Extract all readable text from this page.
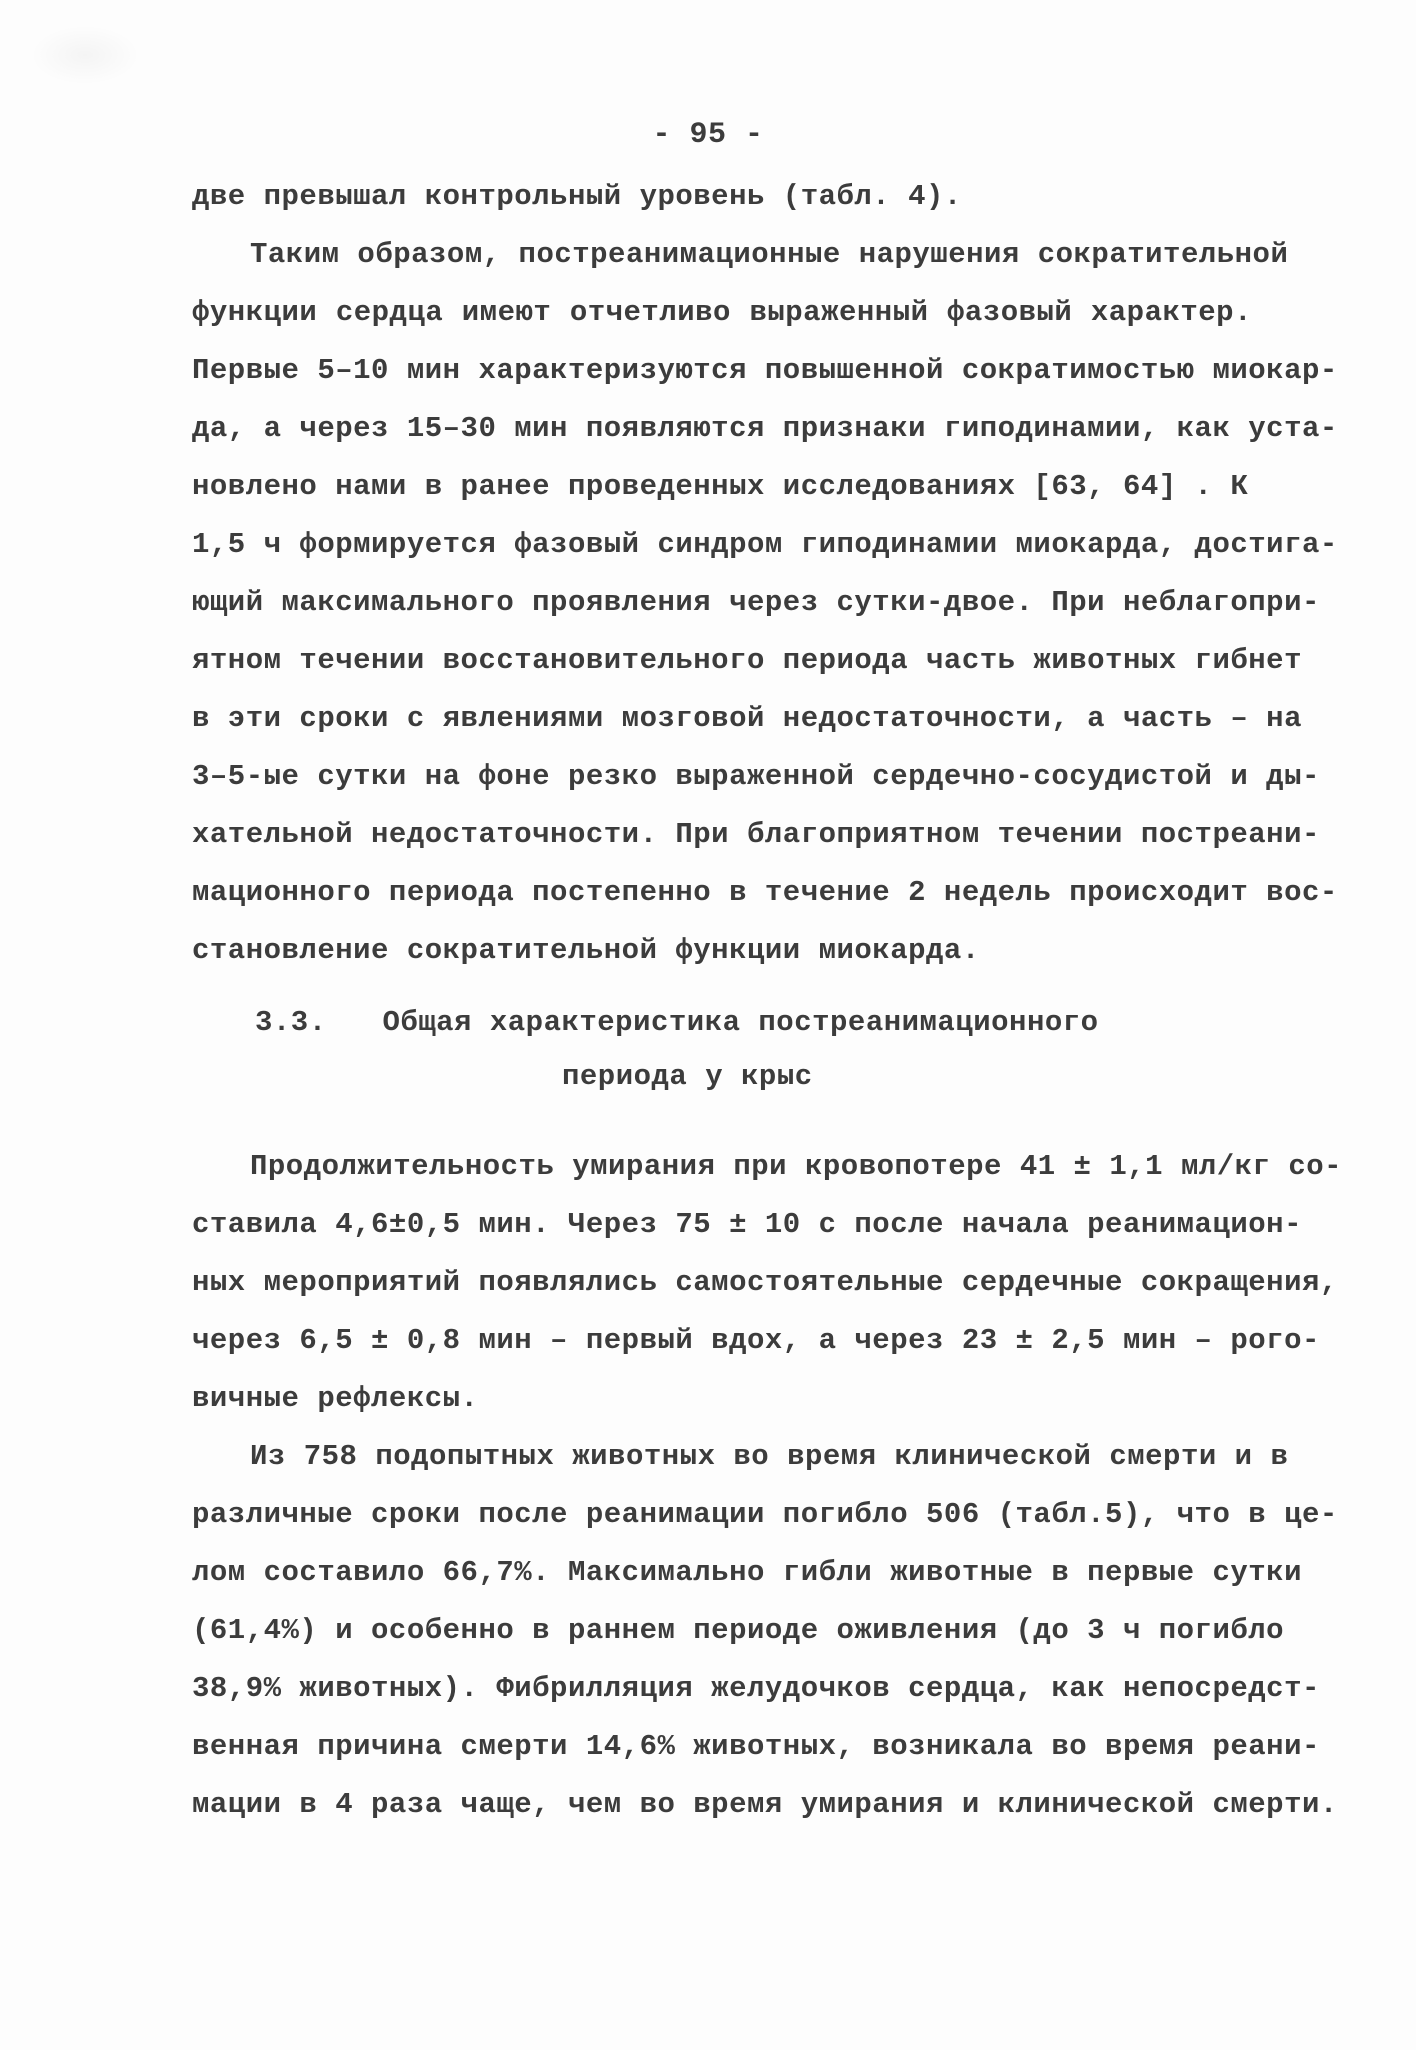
- 95 -

две превышал контрольный уровень (табл. 4).

Таким образом, постреанимационные нарушения сократительной

функции сердца имеют отчетливо выраженный фазовый характер.

Первые 5–10 мин характеризуются повышенной сократимостью миокар-

да, а через 15–30 мин появляются признаки гиподинамии, как уста-

новлено нами в ранее проведенных исследованиях [63, 64] . К

1,5 ч формируется фазовый синдром гиподинамии миокарда, достига-

ющий максимального проявления через сутки-двое. При неблагопри-

ятном течении восстановительного периода часть животных гибнет

в эти сроки с явлениями мозговой недостаточности, а часть – на

3–5-ые сутки на фоне резко выраженной сердечно-сосудистой и ды-

хательной недостаточности. При благоприятном течении постреани-

мационного периода постепенно в течение 2 недель происходит вос-

становление сократительной функции миокарда.

3.3. Общая характеристика постреанимационного
периода у крыс

Продолжительность умирания при кровопотере 41 ± 1,1 мл/кг со-

ставила 4,6±0,5 мин. Через 75 ± 10 с после начала реанимацион-

ных мероприятий появлялись самостоятельные сердечные сокращения,

через 6,5 ± 0,8 мин – первый вдох, а через 23 ± 2,5 мин – рогo-

вичные рефлексы.

Из 758 подопытных животных во время клинической смерти и в

различные сроки после реанимации погибло 506 (табл.5), что в це-

лом составило 66,7%. Максимально гибли животные в первые сутки

(61,4%) и особенно в раннем периоде оживления (до 3 ч погибло

38,9% животных). Фибрилляция желудочков сердца, как непосредст-

венная причина смерти 14,6% животных, возникала во время реани-

мации в 4 раза чаще, чем во время умирания и клинической смерти.
